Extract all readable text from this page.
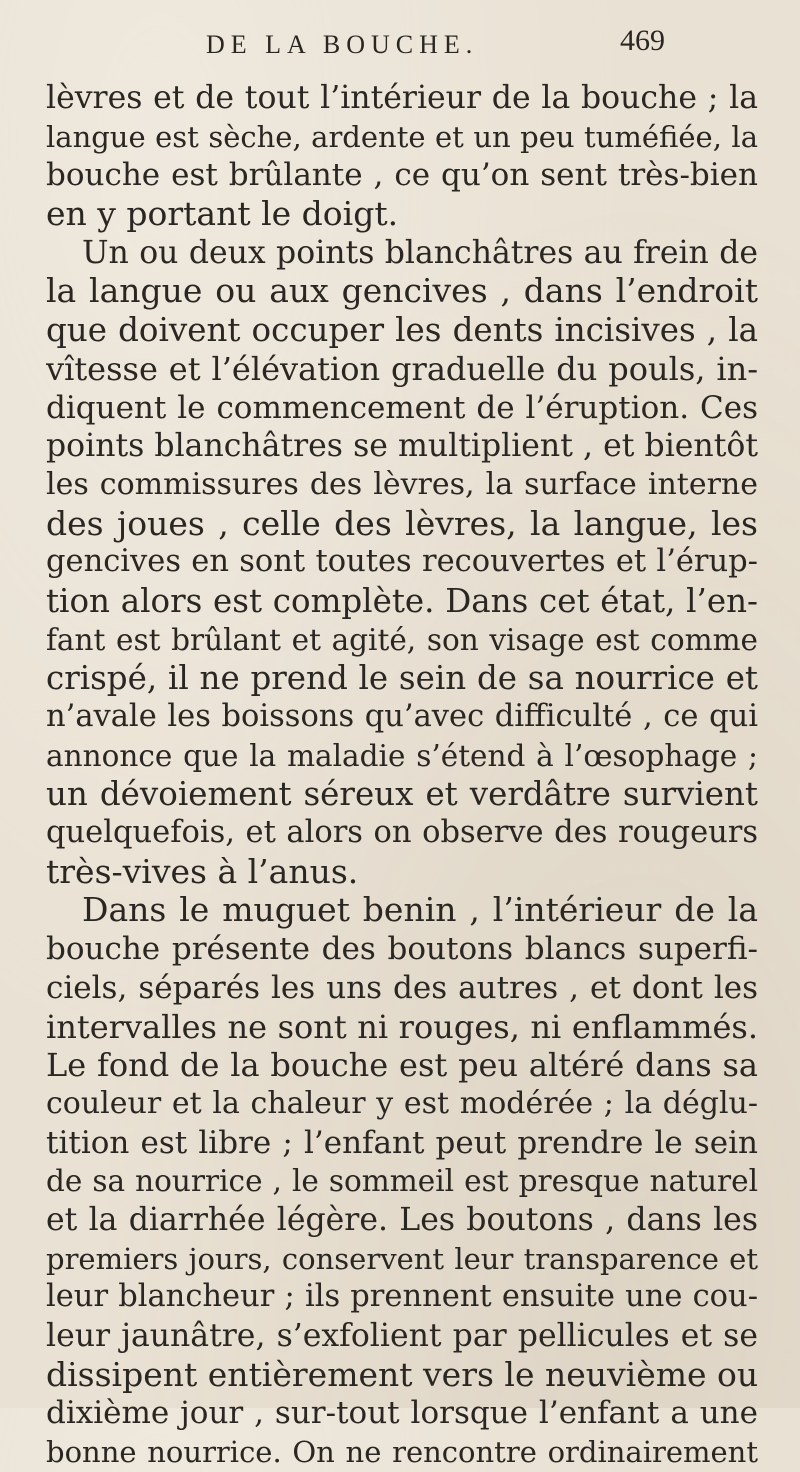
DE LA BOUCHE.	469
lèvres et de tout l’intérieur de la bouche ; la
langue est sèche, ardente et un peu tuméfiée, la
bouche est brûlante , ce qu’on sent très-bien
en y portant le doigt.
Un ou deux points blanchâtres au frein de
la langue ou aux gencives , dans l’endroit
que doivent occuper les dents incisives , la
vîtesse et l’élévation graduelle du pouls, in-
diquent le commencement de l’éruption. Ces
points blanchâtres se multiplient , et bientôt
les commissures des lèvres, la surface interne
des joues , celle des lèvres, la langue, les
gencives en sont toutes recouvertes et l’érup-
tion alors est complète. Dans cet état, l’en-
fant est brûlant et agité, son visage est comme
crispé, il ne prend le sein de sa nourrice et
n’avale les boissons qu’avec difficulté , ce qui
annonce que la maladie s’étend à l’œsophage ;
un dévoiement séreux et verdâtre survient
quelquefois, et alors on observe des rougeurs
très-vives à l’anus.
Dans le muguet benin , l’intérieur de la
bouche présente des boutons blancs superfi-
ciels, séparés les uns des autres , et dont les
intervalles ne sont ni rouges, ni enflammés.
Le fond de la bouche est peu altéré dans sa
couleur et la chaleur y est modérée ; la déglu-
tition est libre ; l’enfant peut prendre le sein
de sa nourrice , le sommeil est presque naturel
et la diarrhée légère. Les boutons , dans les
premiers jours, conservent leur transparence et
leur blancheur ; ils prennent ensuite une cou-
leur jaunâtre, s’exfolient par pellicules et se
dissipent entièrement vers le neuvième ou
dixième jour , sur-tout lorsque l’enfant a une
bonne nourrice. On ne rencontre ordinairement
